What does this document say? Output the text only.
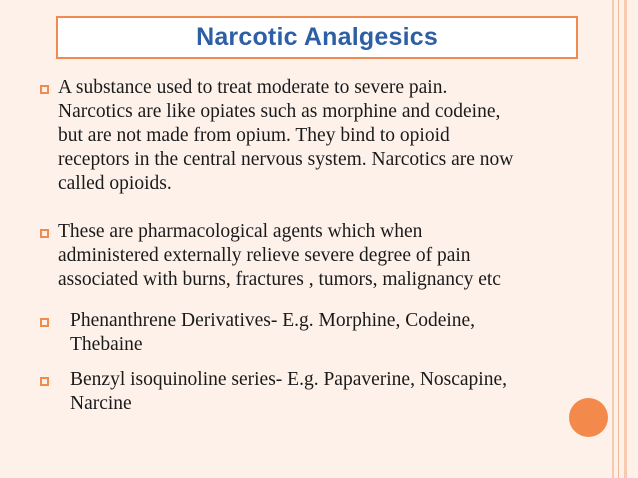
Narcotic Analgesics
A substance used to treat moderate to severe pain.
Narcotics are like opiates such as morphine and codeine,
but are not made from opium. They bind to opioid
receptors in the central nervous system. Narcotics are now
called opioids.
These are pharmacological agents which when
administered externally relieve severe degree of pain
associated with burns, fractures , tumors, malignancy etc
Phenanthrene Derivatives- E.g. Morphine, Codeine,
Thebaine
Benzyl isoquinoline series- E.g. Papaverine, Noscapine,
Narcine
